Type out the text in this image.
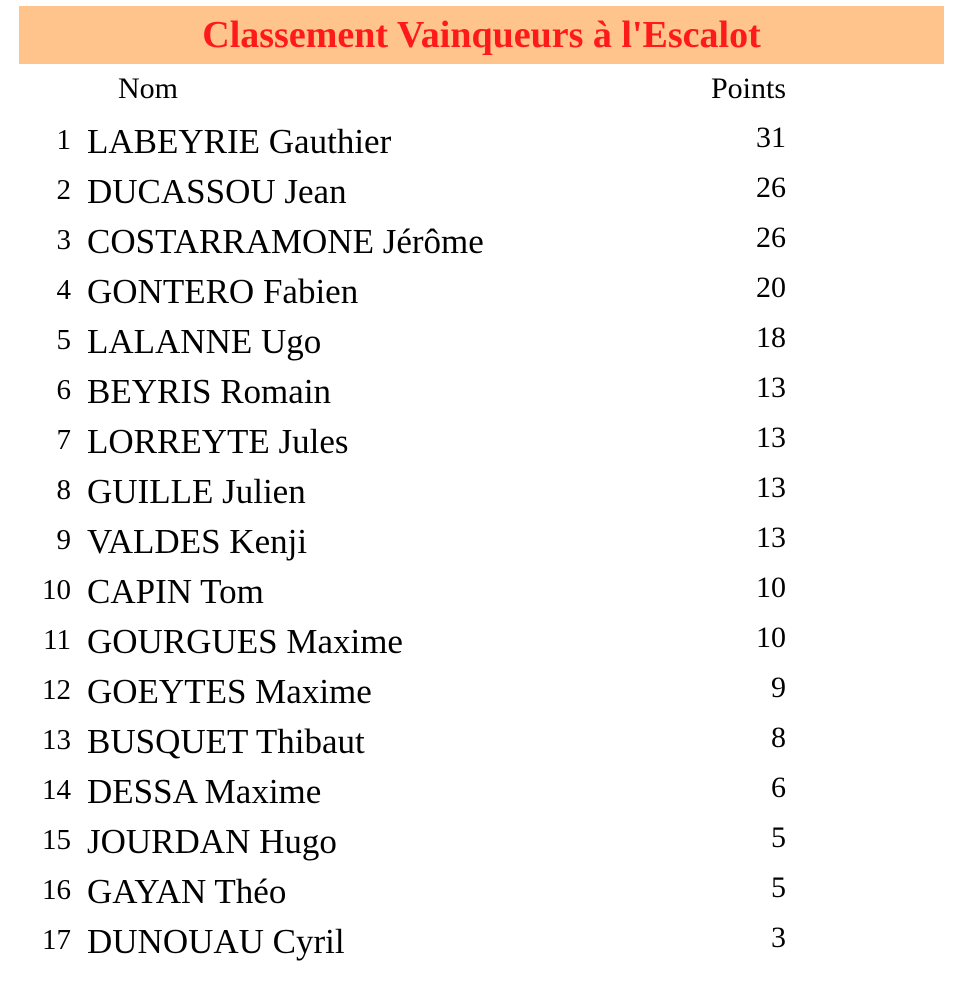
Classement Vainqueurs à l'Escalot
Nom	Points
1 LABEYRIE Gauthier	31
2 DUCASSOU Jean	26
3 COSTARRAMONE Jérôme	26
4 GONTERO Fabien	20
5 LALANNE Ugo	18
6 BEYRIS Romain	13
7 LORREYTE Jules	13
8 GUILLE Julien	13
9 VALDES Kenji	13
10 CAPIN Tom	10
11 GOURGUES Maxime	10
12 GOEYTES Maxime	9
13 BUSQUET Thibaut	8
14 DESSA Maxime	6
15 JOURDAN Hugo	5
16 GAYAN Théo	5
17 DUNOUAU Cyril	3
